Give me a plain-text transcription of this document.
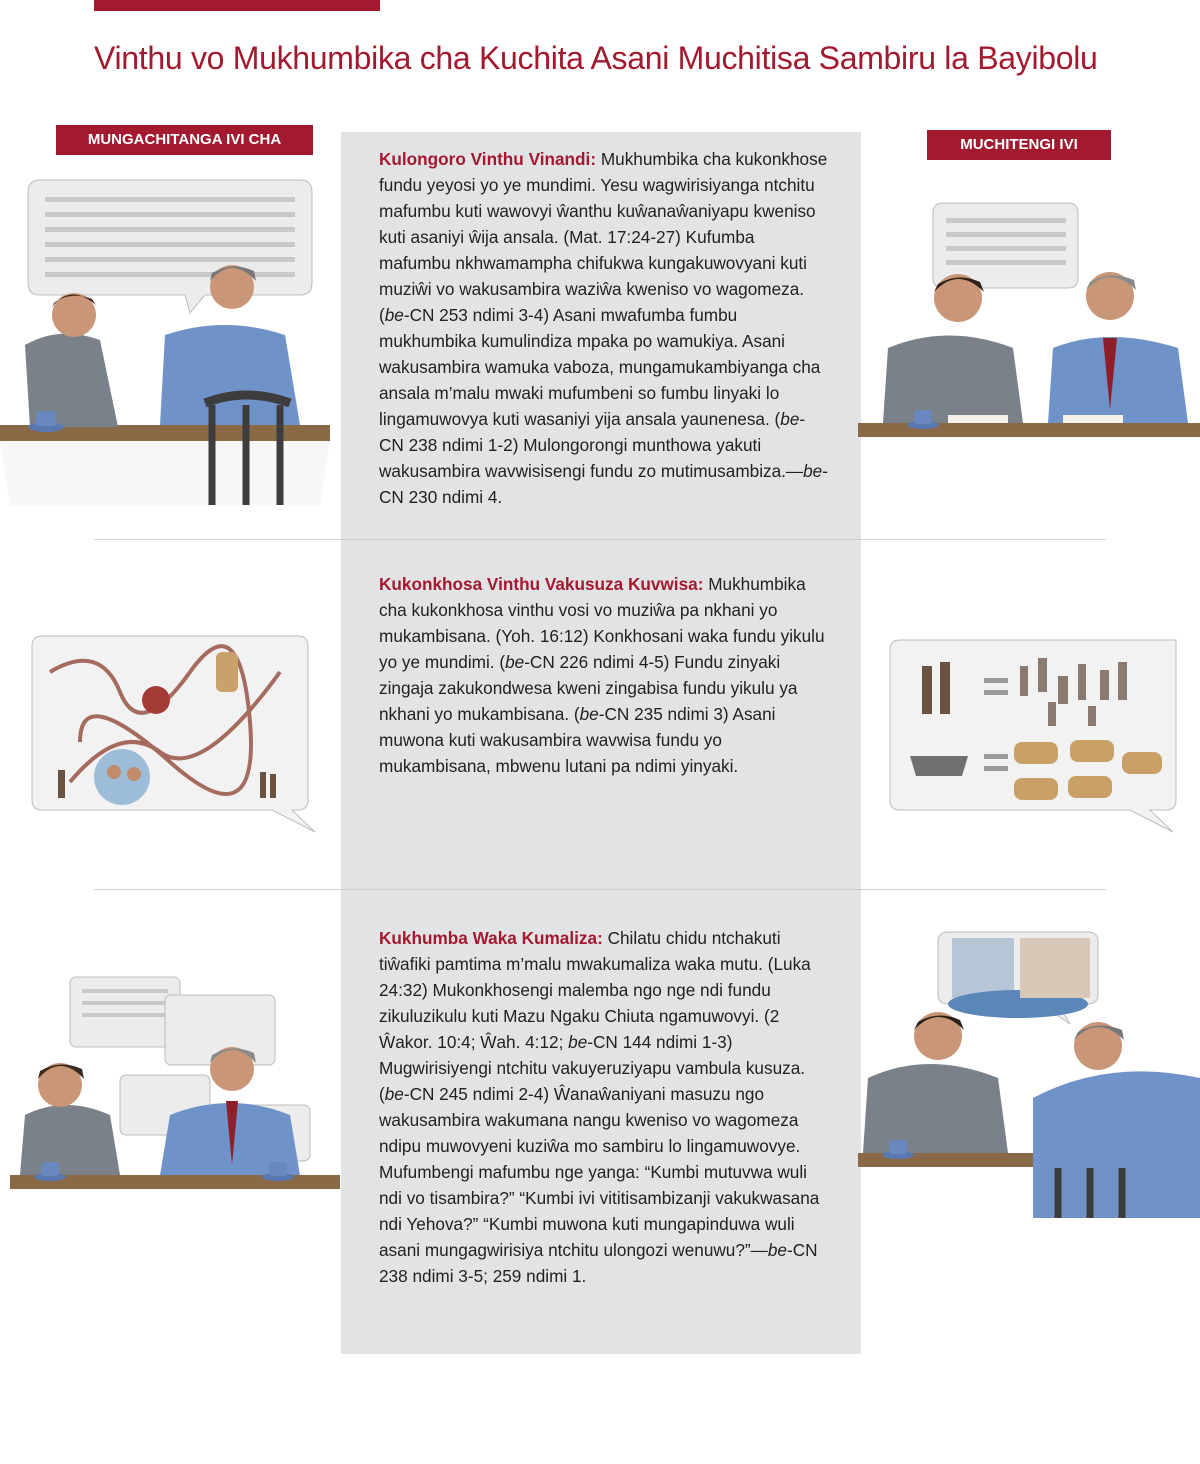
Vinthu vo Mukhumbika cha Kuchita Asani Muchitisa Sambiru la Bayibolu
MUNGACHITANGA IVI CHA	MUCHITENGI IVI

Kulongoro Vinthu Vinandi: Mukhumbika cha kukonkhose fundu yeyosi yo ye mundimi. Yesu wagwirisiyanga ntchitu mafumbu kuti wawovyi ŵanthu kuŵanaŵaniyapu kweniso kuti asaniyi ŵija ansala. (Mat. 17:24-27) Kufumba mafumbu nkhwamampha chifukwa kungakuwovyani kuti muziŵi vo wakusambira waziŵa kweniso vo wagomeza. (be-CN 253 ndimi 3-4) Asani mwafumba fumbu mukhumbika kumulindiza mpaka po wamukiya. Asani wakusambira wamuka vaboza, mungamukambiyanga cha ansala m’malu mwaki mufumbeni so fumbu linyaki lo lingamuwovya kuti wasaniyi yija ansala yaunenesa. (be-CN 238 ndimi 1-2) Mulongorongi munthowa yakuti wakusambira wavwisisengi fundu zo mutimusambiza.—be-CN 230 ndimi 4.

Kukonkhosa Vinthu Vakusuza Kuvwisa: Mukhumbika cha kukonkhosa vinthu vosi vo muziŵa pa nkhani yo mukambisana. (Yoh. 16:12) Konkhosani waka fundu yikulu yo ye mundimi. (be-CN 226 ndimi 4-5) Fundu zinyaki zingaja zakukondwesa kweni zingabisa fundu yikulu ya nkhani yo mukambisana. (be-CN 235 ndimi 3) Asani muwona kuti wakusambira wavwisa fundu yo mukambisana, mbwenu lutani pa ndimi yinyaki.

Kukhumba Waka Kumaliza: Chilatu chidu ntchakuti tiŵafiki pamtima m’malu mwakumaliza waka mutu. (Luka 24:32) Mukonkhosengi malemba ngo nge ndi fundu zikuluzikulu kuti Mazu Ngaku Chiuta ngamuwovyi. (2 Ŵakor. 10:4; Ŵah. 4:12; be-CN 144 ndimi 1-3) Mugwirisiyengi ntchitu vakuyeruziyapu vambula kusuza. (be-CN 245 ndimi 2-4) Ŵanaŵaniyani masuzu ngo wakusambira wakumana nangu kweniso vo wagomeza ndipu muwovyeni kuziŵa mo sambiru lo lingamuwovye. Mufumbengi mafumbu nge yanga: “Kumbi mutuvwa wuli ndi vo tisambira?” “Kumbi ivi vititisambizanji vakukwasana ndi Yehova?” “Kumbi muwona kuti mungapinduwa wuli asani mungagwirisiya ntchitu ulongozi wenuwu?”—be-CN 238 ndimi 3-5; 259 ndimi 1.
